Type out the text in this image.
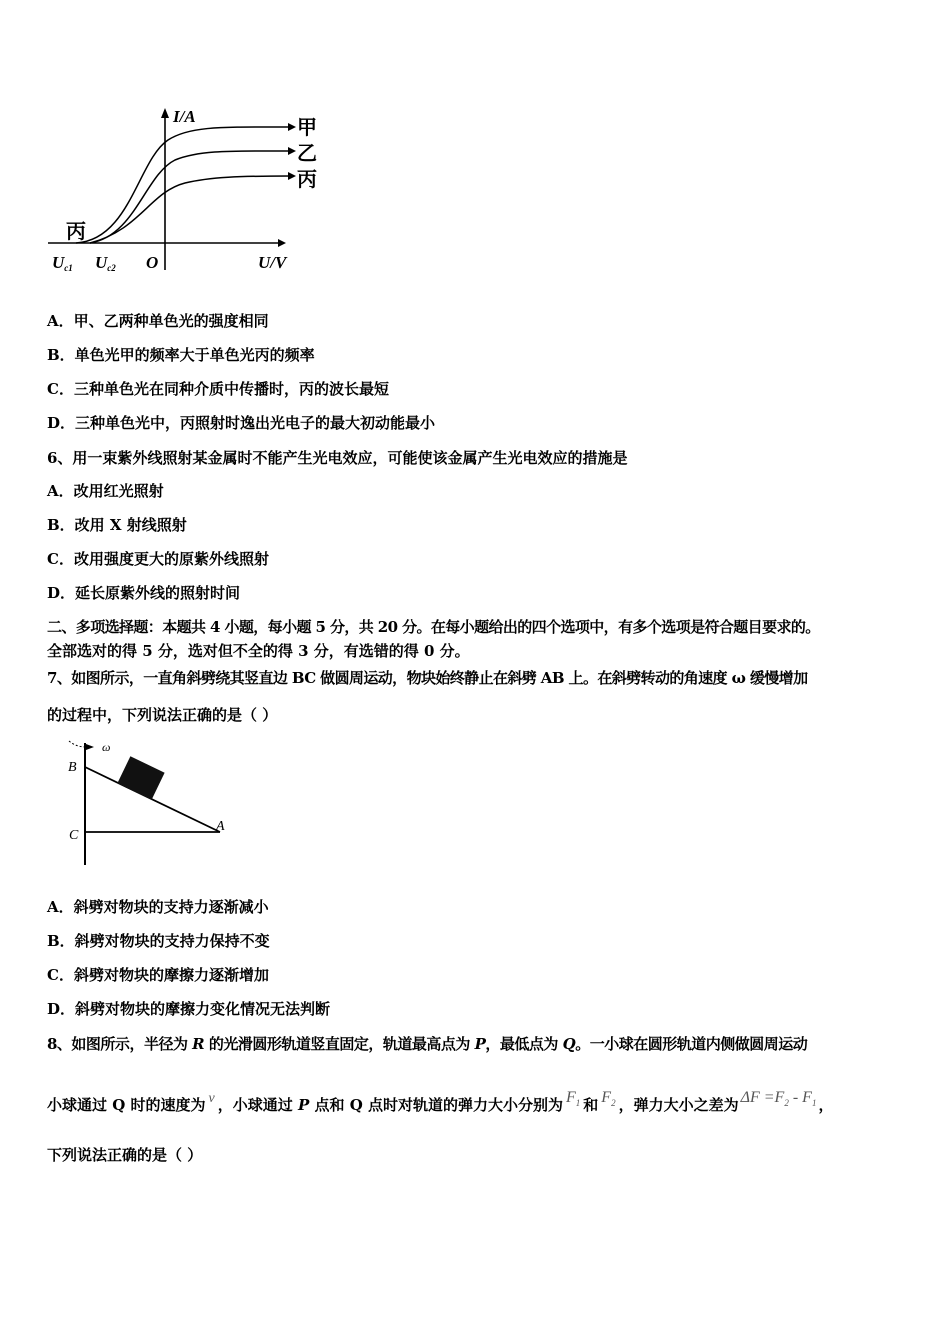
I/A
U/V
O
甲
乙
丙
丙
Uc1 Uc2
A．甲、乙两种单色光的强度相同
B．单色光甲的频率大于单色光丙的频率
C．三种单色光在同种介质中传播时，丙的波长最短
D．三种单色光中，丙照射时逸出光电子的最大初动能最小
6、用一束紫外线照射某金属时不能产生光电效应，可能使该金属产生光电效应的措施是
A．改用红光照射
B．改用 X 射线照射
C．改用强度更大的原紫外线照射
D．延长原紫外线的照射时间
二、多项选择题：本题共 4 小题，每小题 5 分，共 20 分。在每小题给出的四个选项中，有多个选项是符合题目要求的。
全部选对的得 5 分，选对但不全的得 3 分，有选错的得 0 分。
7、如图所示，一直角斜劈绕其竖直边 BC 做圆周运动，物块始终静止在斜劈 AB 上。在斜劈转动的角速度 ω 缓慢增加
的过程中，下列说法正确的是（ ）
ω
B
C
A
A．斜劈对物块的支持力逐渐减小
B．斜劈对物块的支持力保持不变
C．斜劈对物块的摩擦力逐渐增加
D．斜劈对物块的摩擦力变化情况无法判断
8、如图所示，半径为 R 的光滑圆形轨道竖直固定，轨道最高点为 P，最低点为 Q。一小球在圆形轨道内侧做圆周运动
小球通过 Q 时的速度为 v ，小球通过 P 点和 Q 点时对轨道的弹力大小分别为 $F_1$ 和 $F_2$ ，弹力大小之差为 $\Delta F =F_2 - F_1$ ，
下列说法正确的是（ ）
